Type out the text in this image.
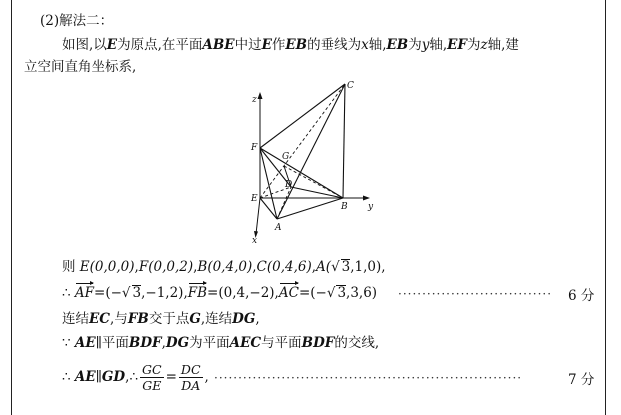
(2)解法二：
如图,以E为原点,在平面ABE中过E作EB的垂线为x轴,EB为y轴,EF为z轴,建
立空间直角坐标系,
z
C
F
G
D
E
B y
A
x
则 E(0,0,0),F(0,0,2),B(0,4,0),C(0,4,6),A(√ 3,1,0),
∴ AF=(−√ 3,−1,2),FB=(0,4,−2),AC=(−√ 3,3,6) ································ 6 分
连结EC,与FB交于点G,连结DG,
∵ AE∥平面BDF,DG为平面AEC与平面BDF的交线,
∴ AE∥GD,∴ $\frac{GC}{GE} = \frac{DC}{DA}$ , ································································	7 分
